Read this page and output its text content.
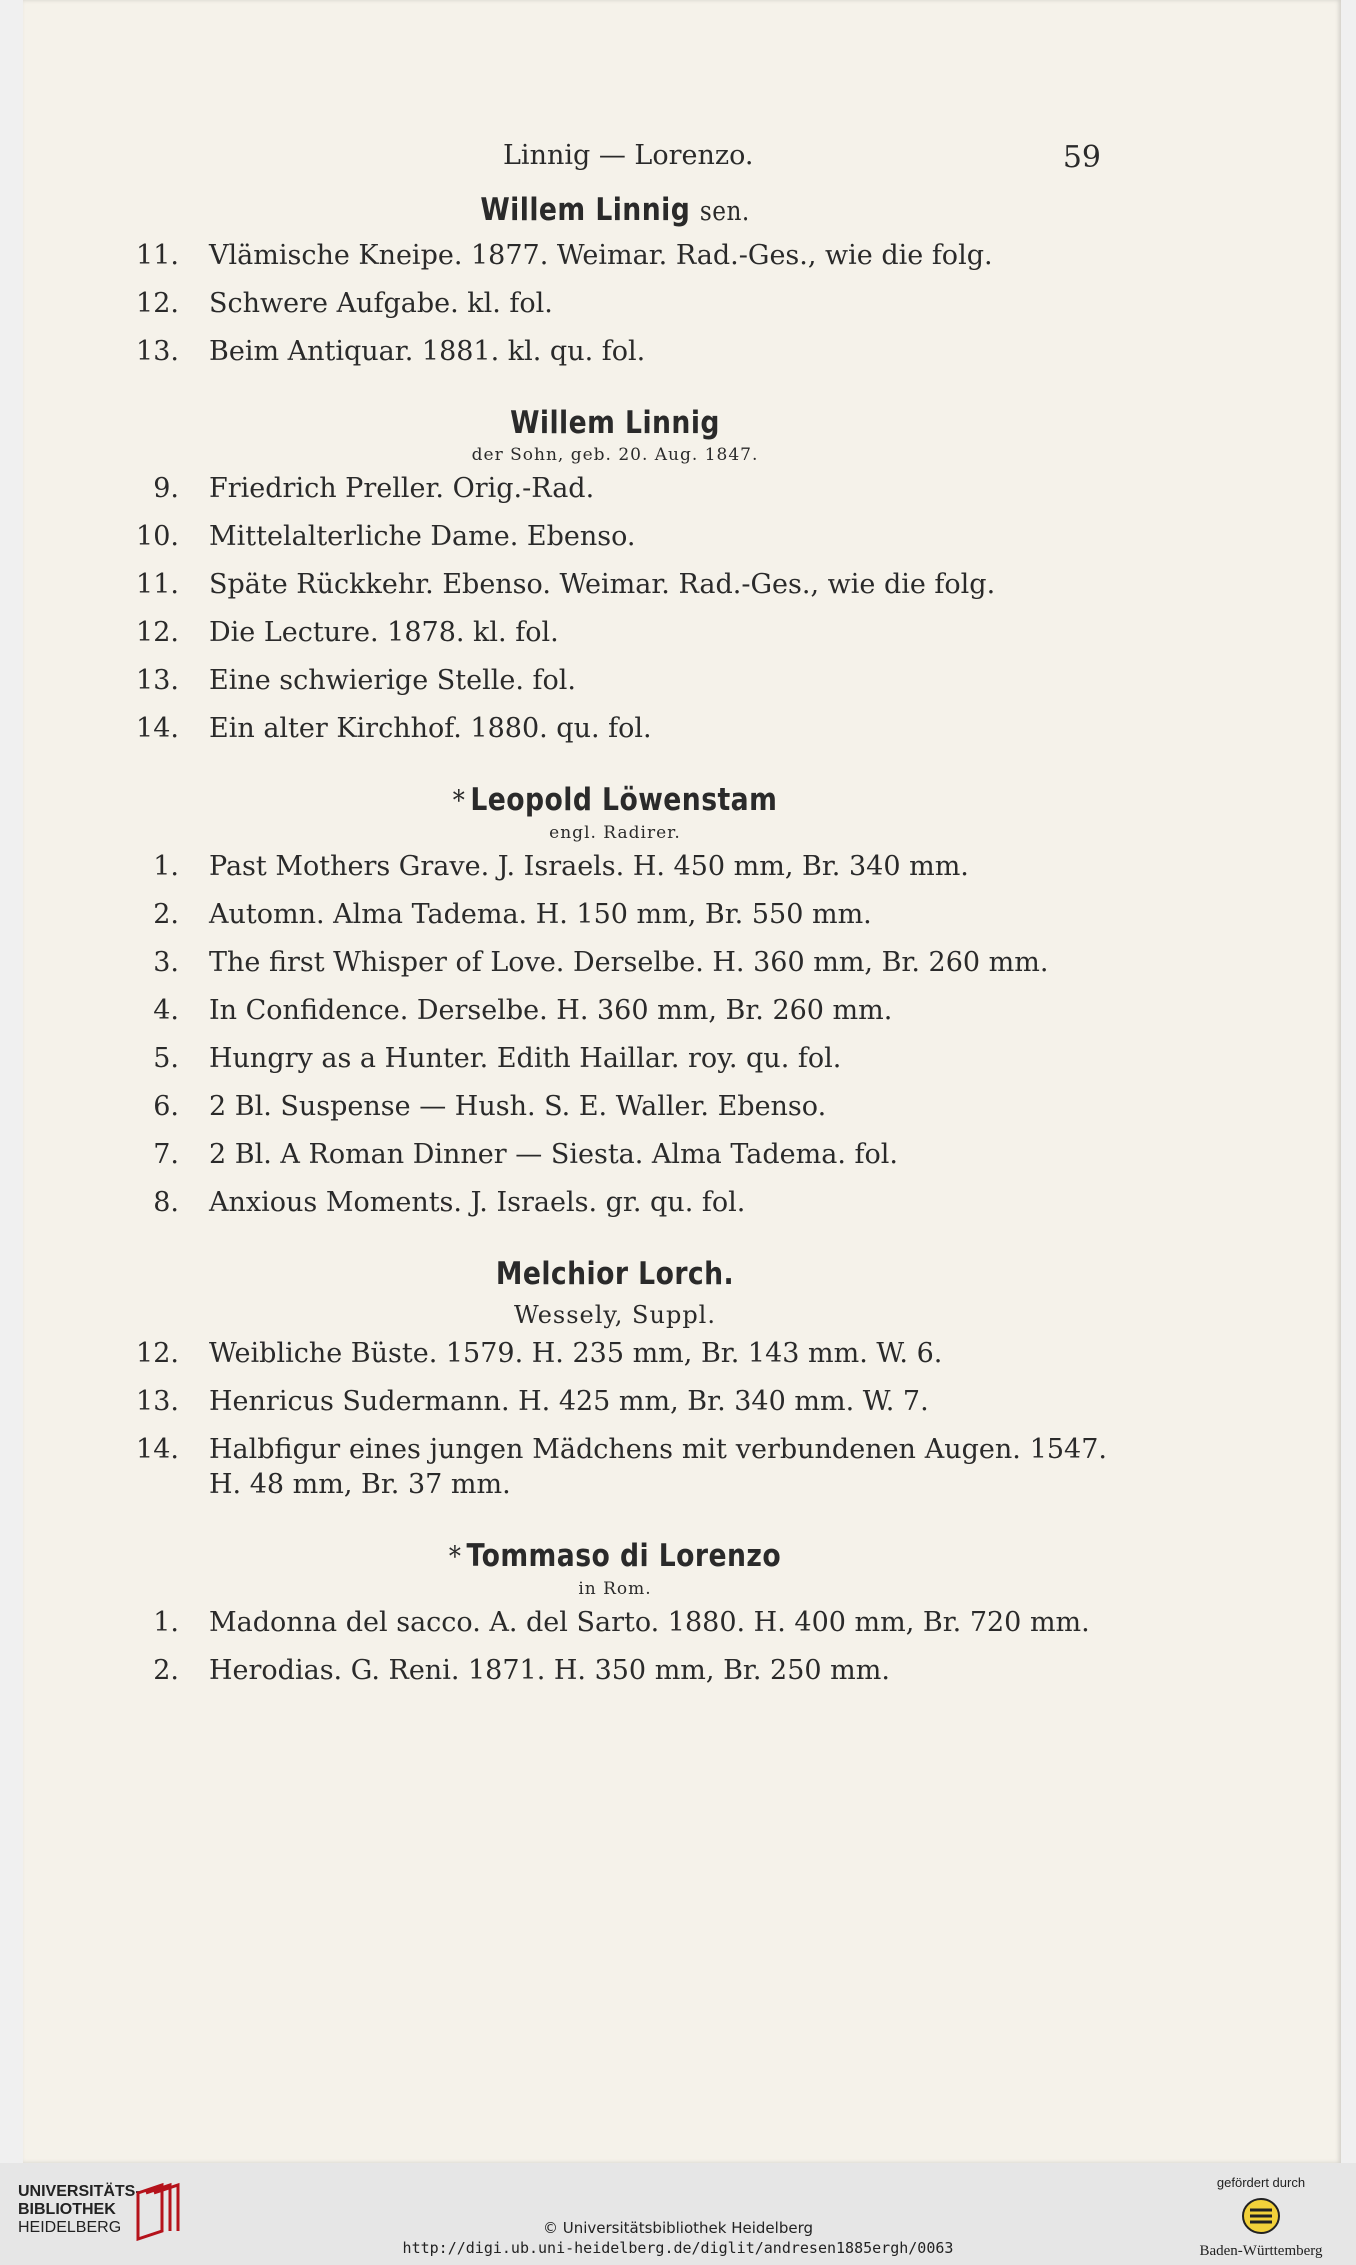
Linnig — Lorenzo.	59
Willem Linnig sen.
11. Vlämische Kneipe. 1877. Weimar. Rad.-Ges., wie die folg.
12. Schwere Aufgabe. kl. fol.
13. Beim Antiquar. 1881. kl. qu. fol.
Willem Linnig
der Sohn, geb. 20. Aug. 1847.
9. Friedrich Preller. Orig.-Rad.
10. Mittelalterliche Dame. Ebenso.
11. Späte Rückkehr. Ebenso. Weimar. Rad.-Ges., wie die folg.
12. Die Lecture. 1878. kl. fol.
13. Eine schwierige Stelle. fol.
14. Ein alter Kirchhof. 1880. qu. fol.
* Leopold Löwenstam
engl. Radirer.
1. Past Mothers Grave. J. Israels. H. 450 mm, Br. 340 mm.
2. Automn. Alma Tadema. H. 150 mm, Br. 550 mm.
3. The first Whisper of Love. Derselbe. H. 360 mm, Br. 260 mm.
4. In Confidence. Derselbe. H. 360 mm, Br. 260 mm.
5. Hungry as a Hunter. Edith Haillar. roy. qu. fol.
6. 2 Bl. Suspense — Hush. S. E. Waller. Ebenso.
7. 2 Bl. A Roman Dinner — Siesta. Alma Tadema. fol.
8. Anxious Moments. J. Israels. gr. qu. fol.
Melchior Lorch.
Wessely, Suppl.
12. Weibliche Büste. 1579. H. 235 mm, Br. 143 mm. W. 6.
13. Henricus Sudermann. H. 425 mm, Br. 340 mm. W. 7.
14. Halbfigur eines jungen Mädchens mit verbundenen Augen. 1547. H. 48 mm, Br. 37 mm.
* Tommaso di Lorenzo
in Rom.
1. Madonna del sacco. A. del Sarto. 1880. H. 400 mm, Br. 720 mm.
2. Herodias. G. Reni. 1871. H. 350 mm, Br. 250 mm.
UNIVERSITÄTS-
BIBLIOTHEK
HEIDELBERG	© Universitätsbibliothek Heidelberg
http://digi.ub.uni-heidelberg.de/diglit/andresen1885ergh/0063
gefördert durch
Baden-Württemberg
